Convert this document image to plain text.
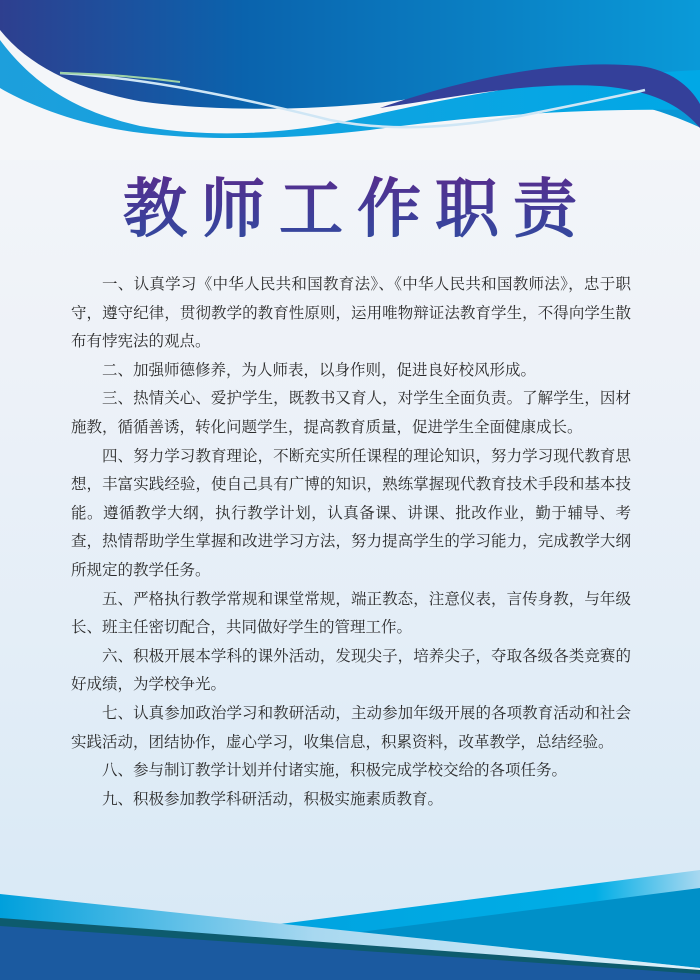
教师工作职责

一、认真学习《中华人民共和国教育法》、《中华人民共和国教师法》，忠于职守，遵守纪律，贯彻教学的教育性原则，运用唯物辩证法教育学生，不得向学生散布有悖宪法的观点。

二、加强师德修养，为人师表，以身作则，促进良好校风形成。

三、热情关心、爱护学生，既教书又育人，对学生全面负责。了解学生，因材施教，循循善诱，转化问题学生，提高教育质量，促进学生全面健康成长。

四、努力学习教育理论，不断充实所任课程的理论知识，努力学习现代教育思想，丰富实践经验，使自己具有广博的知识，熟练掌握现代教育技术手段和基本技能。遵循教学大纲，执行教学计划，认真备课、讲课、批改作业，勤于辅导、考查，热情帮助学生掌握和改进学习方法，努力提高学生的学习能力，完成教学大纲所规定的教学任务。

五、严格执行教学常规和课堂常规，端正教态，注意仪表，言传身教，与年级长、班主任密切配合，共同做好学生的管理工作。

六、积极开展本学科的课外活动，发现尖子，培养尖子，夺取各级各类竞赛的好成绩，为学校争光。

七、认真参加政治学习和教研活动，主动参加年级开展的各项教育活动和社会实践活动，团结协作，虚心学习，收集信息，积累资料，改革教学，总结经验。

八、参与制订教学计划并付诸实施，积极完成学校交给的各项任务。

九、积极参加教学科研活动，积极实施素质教育。
